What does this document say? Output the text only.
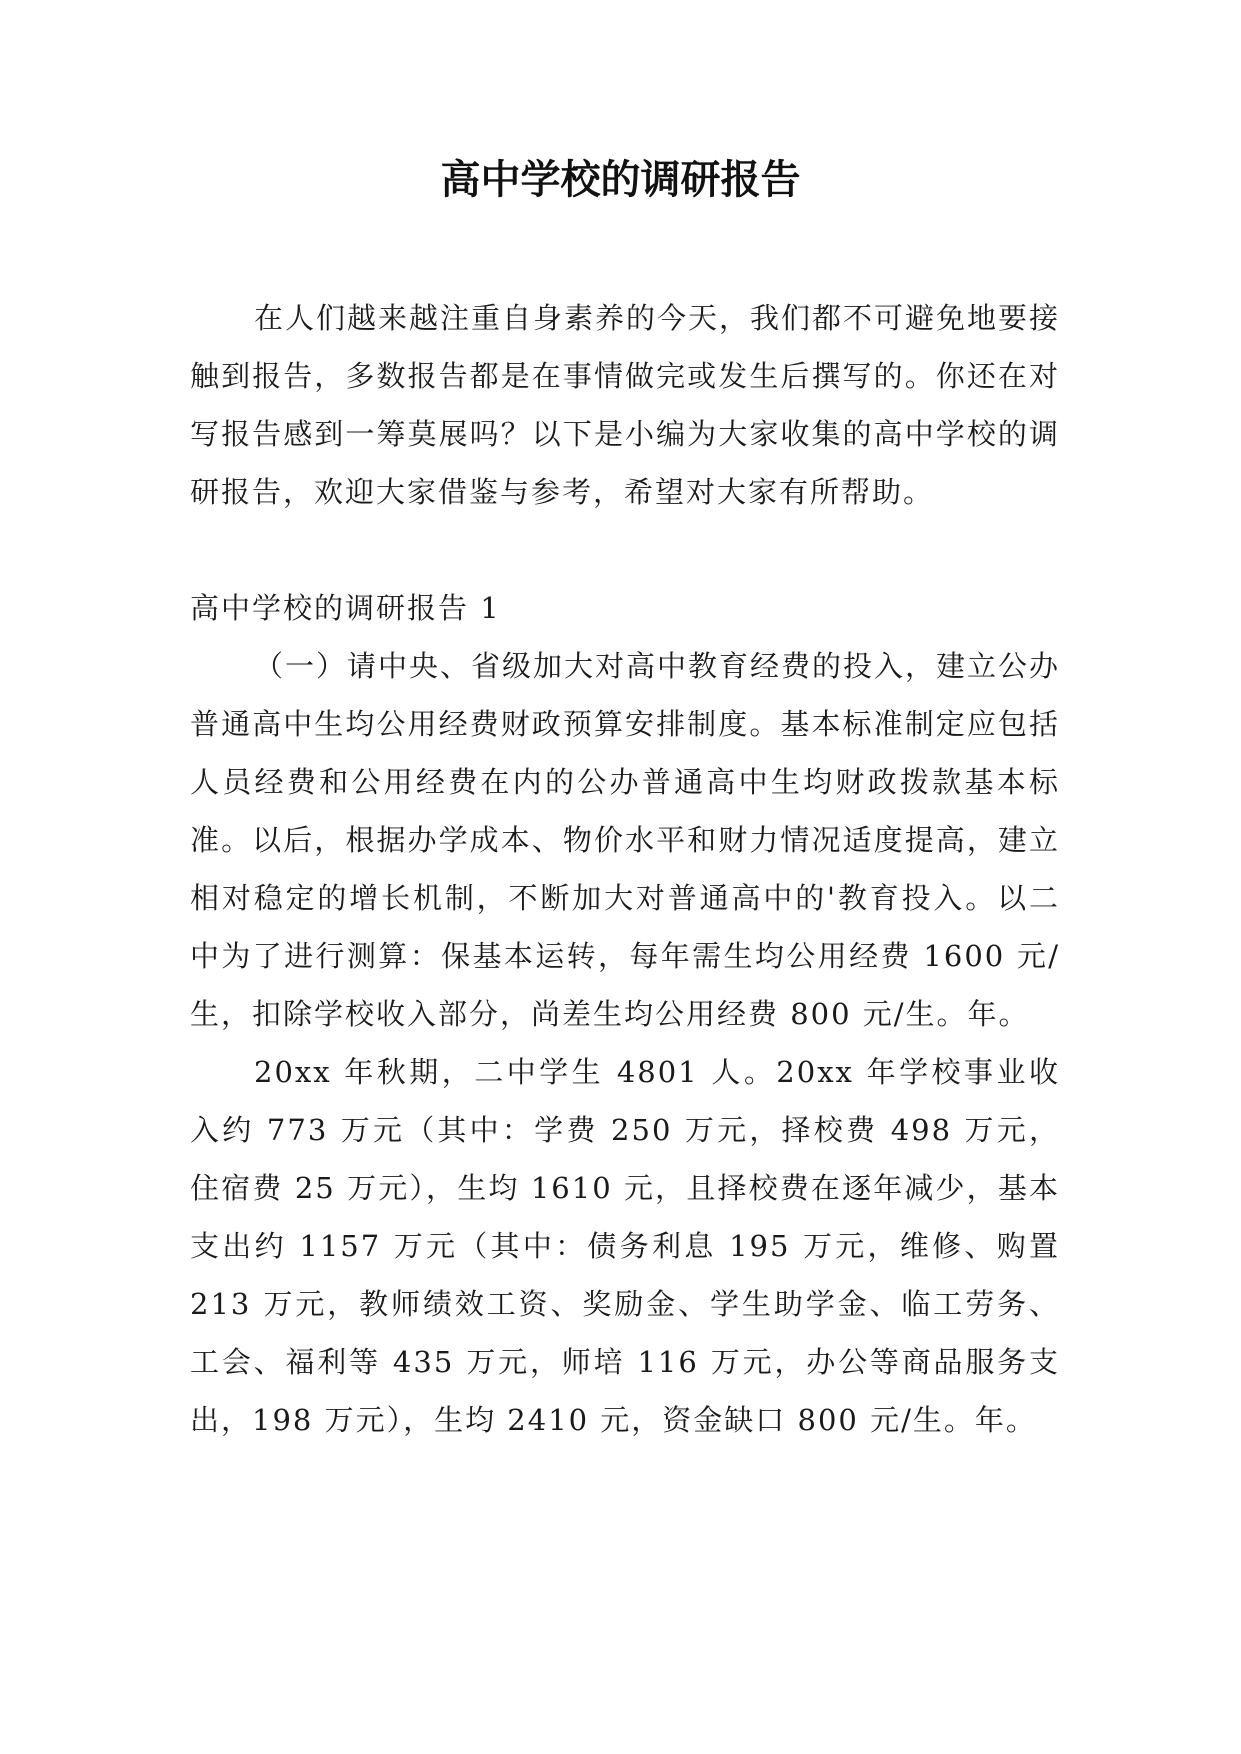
高中学校的调研报告

在人们越来越注重自身素养的今天，我们都不可避免地要接触到报告，多数报告都是在事情做完或发生后撰写的。你还在对写报告感到一筹莫展吗？以下是小编为大家收集的高中学校的调研报告，欢迎大家借鉴与参考，希望对大家有所帮助。

高中学校的调研报告 1

（一）请中央、省级加大对高中教育经费的投入，建立公办普通高中生均公用经费财政预算安排制度。基本标准制定应包括人员经费和公用经费在内的公办普通高中生均财政拨款基本标准。以后，根据办学成本、物价水平和财力情况适度提高，建立相对稳定的增长机制，不断加大对普通高中的'教育投入。以二中为了进行测算：保基本运转，每年需生均公用经费 1600 元/生，扣除学校收入部分，尚差生均公用经费 800 元/生。年。

20xx 年秋期，二中学生 4801 人。20xx 年学校事业收入约 773 万元（其中：学费 250 万元，择校费 498 万元，住宿费 25 万元），生均 1610 元，且择校费在逐年减少，基本支出约 1157 万元（其中：债务利息 195 万元，维修、购置 213 万元，教师绩效工资、奖励金、学生助学金、临工劳务、工会、福利等 435 万元，师培 116 万元，办公等商品服务支出，198 万元），生均 2410 元，资金缺口 800 元/生。年。
